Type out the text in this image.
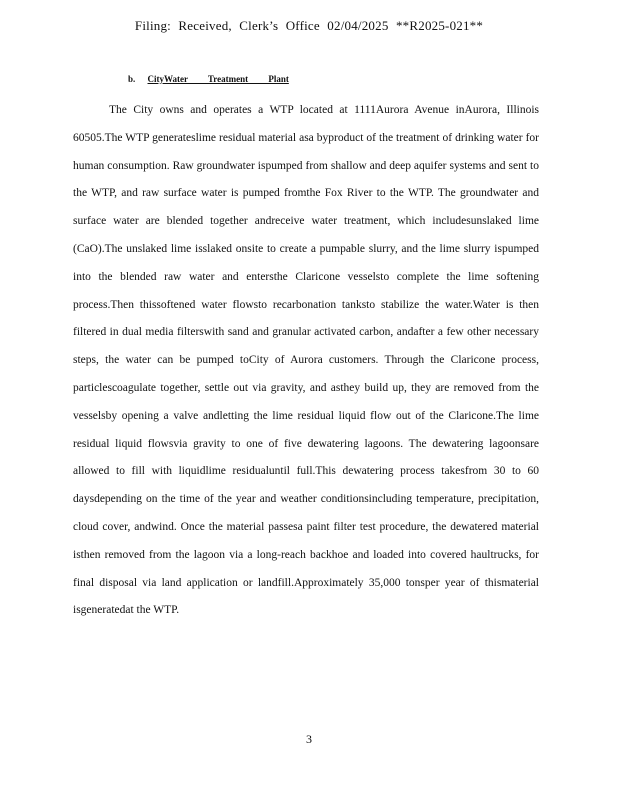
Filing: Received, Clerk’s Office 02/04/2025 **R2025-021**
b. CityWater Treatment Plant

The City owns and operates a WTP located at 1111Aurora Avenue inAurora, Illinois 60505.The WTP generateslime residual material asa byproduct of the treatment of drinking water for human consumption. Raw groundwater ispumped from shallow and deep aquifer systems and sent to the WTP, and raw surface water is pumped fromthe Fox River to the WTP. The groundwater and surface water are blended together andreceive water treatment, which includesunslaked lime (CaO).The unslaked lime isslaked onsite to create a pumpable slurry, and the lime slurry ispumped into the blended raw water and entersthe Claricone vesselsto complete the lime softening process.Then thissoftened water flowsto recarbonation tanksto stabilize the water.Water is then filtered in dual media filterswith sand and granular activated carbon, andafter a few other necessary steps, the water can be pumped toCity of Aurora customers. Through the Claricone process, particlescoagulate together, settle out via gravity, and asthey build up, they are removed from the vesselsby opening a valve andletting the lime residual liquid flow out of the Claricone.The lime residual liquid flowsvia gravity to one of five dewatering lagoons. The dewatering lagoonsare allowed to fill with liquidlime residualuntil full.This dewatering process takesfrom 30 to 60 daysdepending on the time of the year and weather conditionsincluding temperature, precipitation, cloud cover, andwind. Once the material passesa paint filter test procedure, the dewatered material isthen removed from the lagoon via a long-reach backhoe and loaded into covered haultrucks, for final disposal via land application or landfill.Approximately 35,000 tonsper year of thismaterial isgeneratedat the WTP.

3
